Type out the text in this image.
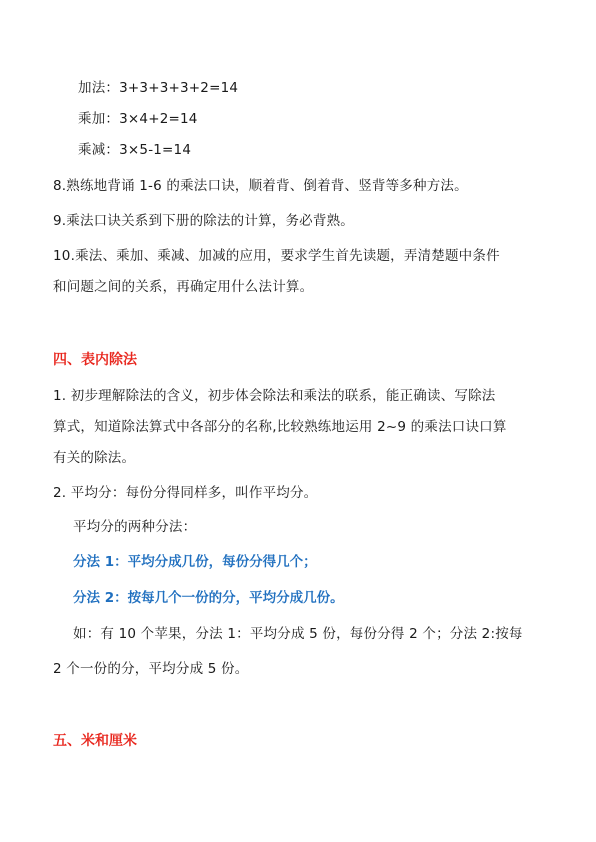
加法：3+3+3+3+2=14
乘加：3×4+2=14
乘减：3×5-1=14
8.熟练地背诵 1-6 的乘法口诀，顺着背、倒着背、竖背等多种方法。
9.乘法口诀关系到下册的除法的计算，务必背熟。
10.乘法、乘加、乘减、加减的应用，要求学生首先读题，弄清楚题中条件
和问题之间的关系，再确定用什么法计算。
四、表内除法
1. 初步理解除法的含义，初步体会除法和乘法的联系，能正确读、写除法
算式，知道除法算式中各部分的名称,比较熟练地运用 2~9 的乘法口诀口算
有关的除法。
2. 平均分：每份分得同样多，叫作平均分。
平均分的两种分法：
分法 1：平均分成几份，每份分得几个；
分法 2：按每几个一份的分，平均分成几份。
如：有 10 个苹果，分法 1：平均分成 5 份，每份分得 2 个；分法 2:按每
2 个一份的分，平均分成 5 份。
五、米和厘米
